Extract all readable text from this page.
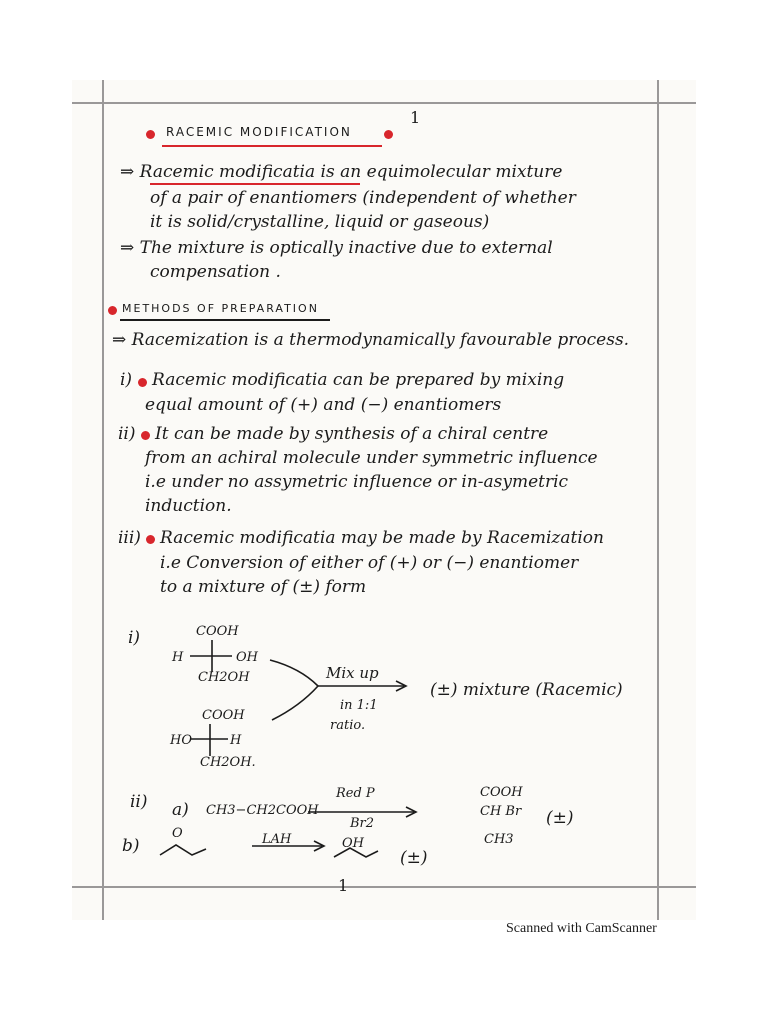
1
RACEMIC MODIFICATION
⇒ Racemic modificatia is an equimolecular mixture
of a pair of enantiomers (independent of whether
it is solid/crystalline, liquid or gaseous)
⇒ The mixture is optically inactive due to external
compensation .
METHODS OF PREPARATION
⇒ Racemization is a thermodynamically favourable process.
i) Racemic modificatia can be prepared by mixing
equal amount of (+) and (−) enantiomers
ii) It can be made by synthesis of a chiral centre
from an achiral molecule under symmetric influence
i.e under no assymetric influence or in-asymetric
induction.
iii) Racemic modificatia may be made by Racemization
i.e Conversion of either of (+) or (−) enantiomer
to a mixture of (±) form
i)	COOH
H	OH
CH2OH
COOH
HO	H
CH2OH.
Mix up
in 1:1
ratio.
(±) mixture (Racemic)
ii) a) CH3−CH2COOH
Red P
Br2
COOH
CH Br
CH3
(±)
b)
O	LAH	OH
(±)
1
Scanned with CamScanner
